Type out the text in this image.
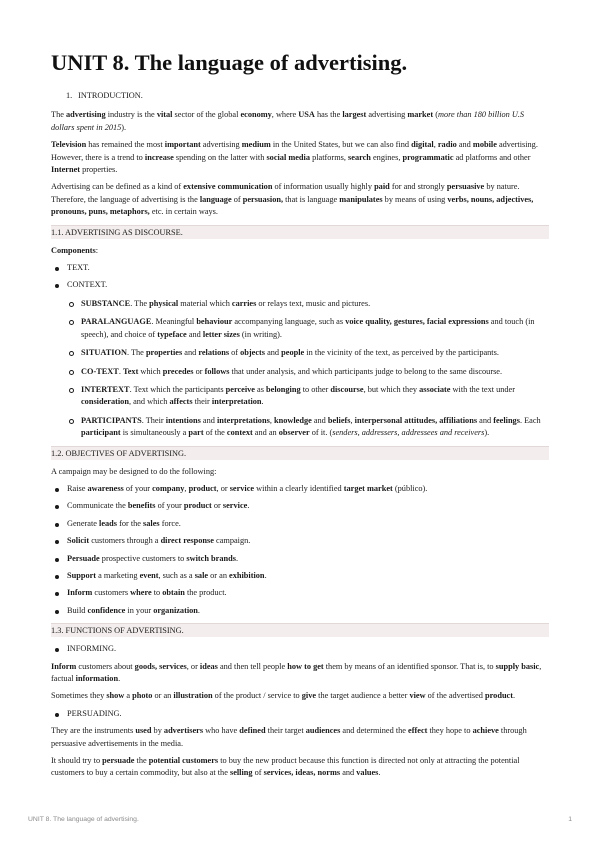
UNIT 8. The language of advertising.
1. INTRODUCTION.

The advertising industry is the vital sector of the global economy, where USA has the largest advertising market (more than 180 billion U.S dollars spent in 2015).

Television has remained the most important advertising medium in the United States, but we can also find digital, radio and mobile advertising. However, there is a trend to increase spending on the latter with social media platforms, search engines, programmatic ad platforms and other Internet properties.

Advertising can be defined as a kind of extensive communication of information usually highly paid for and strongly persuasive by nature. Therefore, the language of advertising is the language of persuasion, that is language manipulates by means of using verbs, nouns, adjectives, pronouns, puns, metaphors, etc. in certain ways.

1.1. ADVERTISING AS DISCOURSE.

Components:

TEXT.
CONTEXT.
SUBSTANCE. The physical material which carries or relays text, music and pictures.
PARALANGUAGE. Meaningful behaviour accompanying language, such as voice quality, gestures, facial expressions and touch (in speech), and choice of typeface and letter sizes (in writing).
SITUATION. The properties and relations of objects and people in the vicinity of the text, as perceived by the participants.
CO-TEXT. Text which precedes or follows that under analysis, and which participants judge to belong to the same discourse.
INTERTEXT. Text which the participants perceive as belonging to other discourse, but which they associate with the text under consideration, and which affects their interpretation.
PARTICIPANTS. Their intentions and interpretations, knowledge and beliefs, interpersonal attitudes, affiliations and feelings. Each participant is simultaneously a part of the context and an observer of it. (senders, addressers, addressees and receivers).
1.2. OBJECTIVES OF ADVERTISING.

A campaign may be designed to do the following:

Raise awareness of your company, product, or service within a clearly identified target market (público).
Communicate the benefits of your product or service.
Generate leads for the sales force.
Solicit customers through a direct response campaign.
Persuade prospective customers to switch brands.
Support a marketing event, such as a sale or an exhibition.
Inform customers where to obtain the product.
Build confidence in your organization.
1.3. FUNCTIONS OF ADVERTISING.
INFORMING.

Inform customers about goods, services, or ideas and then tell people how to get them by means of an identified sponsor. That is, to supply basic, factual information.

Sometimes they show a photo or an illustration of the product / service to give the target audience a better view of the advertised product.

PERSUADING.

They are the instruments used by advertisers who have defined their target audiences and determined the effect they hope to achieve through persuasive advertisements in the media.

It should try to persuade the potential customers to buy the new product because this function is directed not only at attracting the potential customers to buy a certain commodity, but also at the selling of services, ideas, norms and values.

UNIT 8. The language of advertising.	1
